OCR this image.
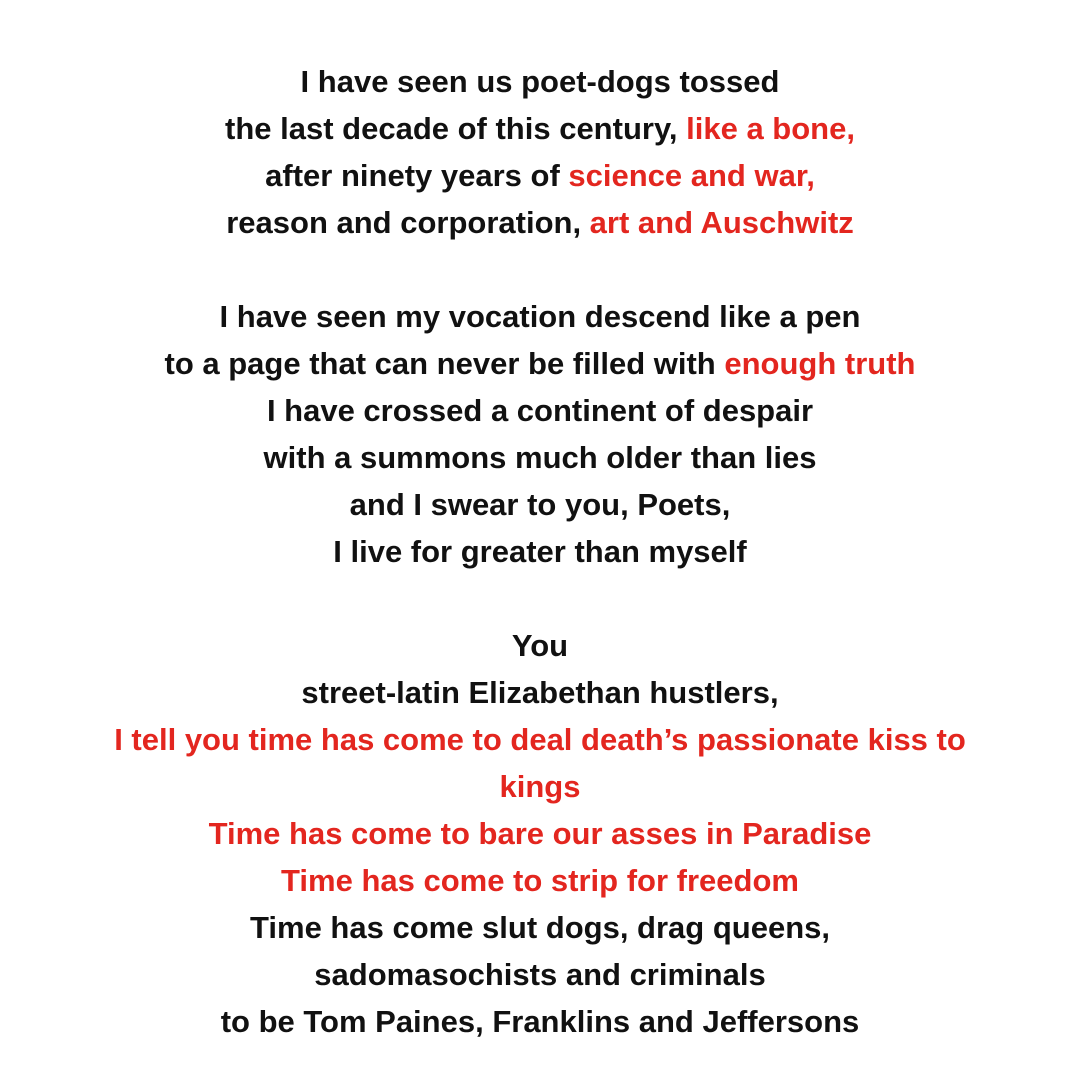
I have seen us poet-dogs tossed
the last decade of this century, like a bone,
after ninety years of science and war,
reason and corporation, art and Auschwitz
I have seen my vocation descend like a pen
to a page that can never be filled with enough truth
I have crossed a continent of despair
with a summons much older than lies
and I swear to you, Poets,
I live for greater than myself
You
street-latin Elizabethan hustlers,
I tell you time has come to deal death’s passionate kiss to
kings
Time has come to bare our asses in Paradise
Time has come to strip for freedom
Time has come slut dogs, drag queens,
sadomasochists and criminals
to be Tom Paines, Franklins and Jeffersons
